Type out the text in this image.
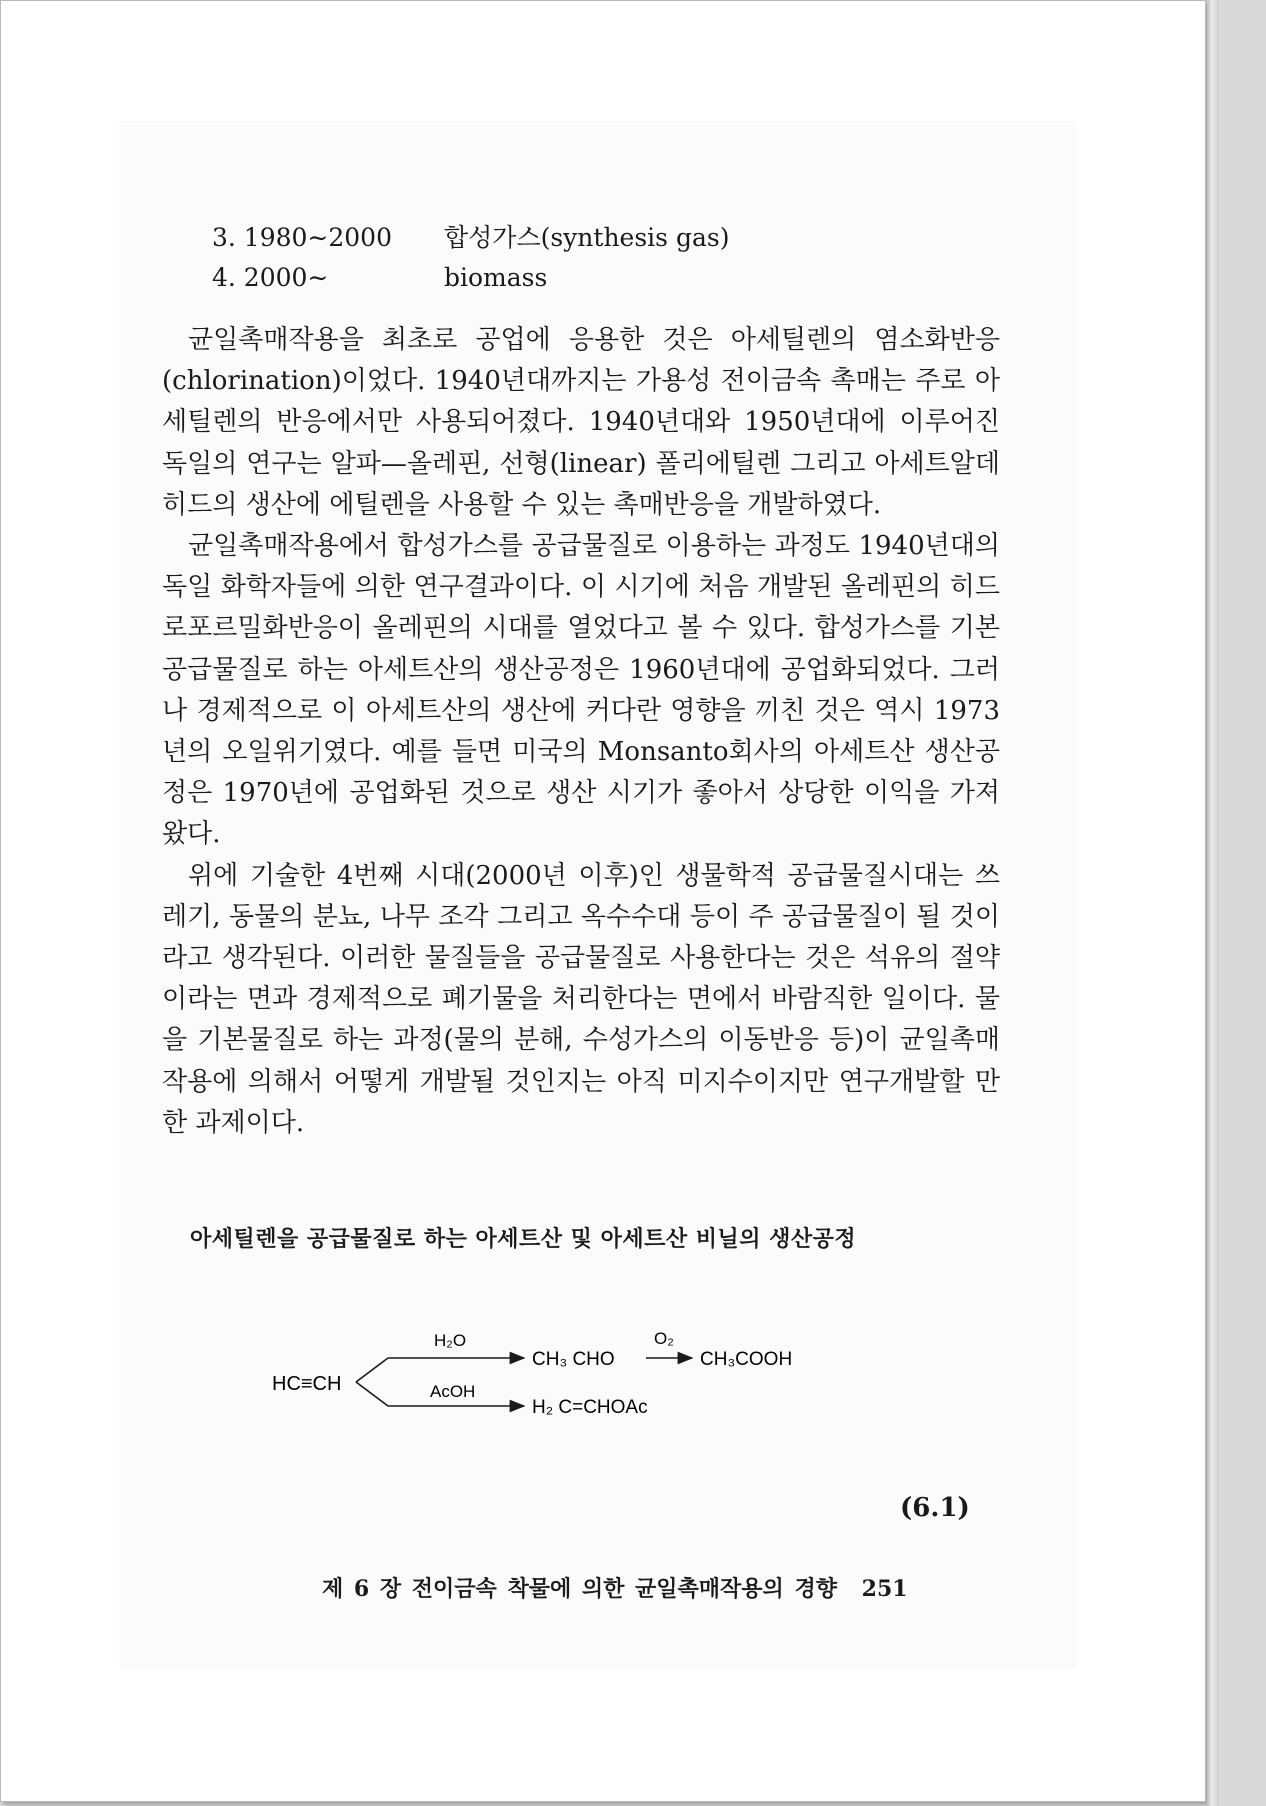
3. 1980∼2000	합성가스(synthesis gas)
4. 2000∼	biomass

균일촉매작용을 최초로 공업에 응용한 것은 아세틸렌의 염소화반응(chlorination)이었다. 1940년대까지는 가용성 전이금속 촉매는 주로 아세틸렌의 반응에서만 사용되어졌다. 1940년대와 1950년대에 이루어진 독일의 연구는 알파—올레핀, 선형(linear) 폴리에틸렌 그리고 아세트알데히드의 생산에 에틸렌을 사용할 수 있는 촉매반응을 개발하였다.

균일촉매작용에서 합성가스를 공급물질로 이용하는 과정도 1940년대의 독일 화학자들에 의한 연구결과이다. 이 시기에 처음 개발된 올레핀의 히드로포르밀화반응이 올레핀의 시대를 열었다고 볼 수 있다. 합성가스를 기본 공급물질로 하는 아세트산의 생산공정은 1960년대에 공업화되었다. 그러나 경제적으로 이 아세트산의 생산에 커다란 영향을 끼친 것은 역시 1973년의 오일위기였다. 예를 들면 미국의 Monsanto회사의 아세트산 생산공정은 1970년에 공업화된 것으로 생산 시기가 좋아서 상당한 이익을 가져왔다.

위에 기술한 4번째 시대(2000년 이후)인 생물학적 공급물질시대는 쓰레기, 동물의 분뇨, 나무 조각 그리고 옥수수대 등이 주 공급물질이 될 것이라고 생각된다. 이러한 물질들을 공급물질로 사용한다는 것은 석유의 절약이라는 면과 경제적으로 폐기물을 처리한다는 면에서 바람직한 일이다. 물을 기본물질로 하는 과정(물의 분해, 수성가스의 이동반응 등)이 균일촉매작용에 의해서 어떻게 개발될 것인지는 아직 미지수이지만 연구개발할 만한 과제이다.

아세틸렌을 공급물질로 하는 아세트산 및 아세트산 비닐의 생산공정
HC≡CH
H₂O
AcOH
CH₃ CHO
O₂
CH₃COOH
H₂ C=CHOAc
(6.1)
제 6 장 전이금속 착물에 의한 균일촉매작용의 경향 251
